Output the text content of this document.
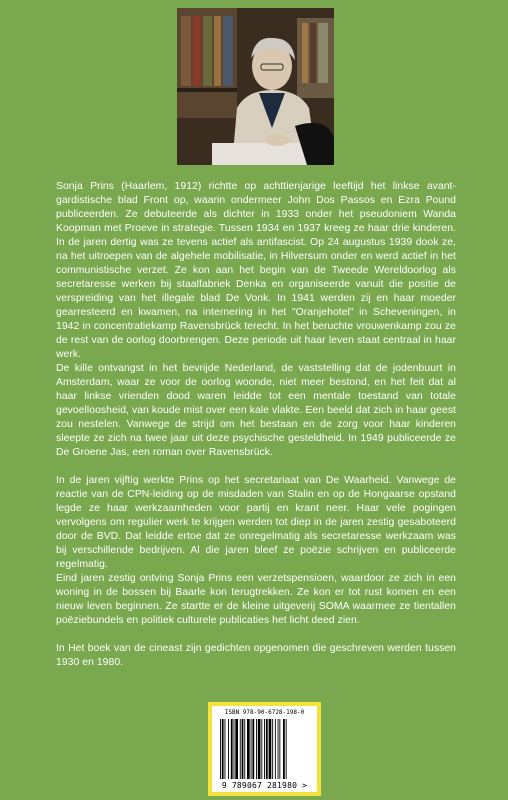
Sonja Prins (Haarlem, 1912) richtte op achttienjarige leeftijd het linkse avant-gardistische blad Front op, waarin ondermeer John Dos Passos en Ezra Pound publiceerden. Ze debuteerde als dichter in 1933 onder het pseudoniem Wanda Koopman met Proeve in strategie. Tussen 1934 en 1937 kreeg ze haar drie kinderen. In de jaren dertig was ze tevens actief als antifascist. Op 24 augustus 1939 dook ze, na het uitroepen van de algehele mobilisatie, in Hilversum onder en werd actief in het communistische verzet. Ze kon aan het begin van de Tweede Wereldoorlog als secretaresse werken bij staalfabriek Denka en organiseerde vanuit die positie de verspreiding van het illegale blad De Vonk. In 1941 werden zij en haar moeder gearresteerd en kwamen, na internering in het "Oranjehotel" in Scheveningen, in 1942 in concentratiekamp Ravensbrück terecht. In het beruchte vrouwenkamp zou ze de rest van de oorlog doorbrengen. Deze periode uit haar leven staat centraal in haar werk.

De kille ontvangst in het bevrijde Nederland, de vaststelling dat de jodenbuurt in Amsterdam, waar ze voor de oorlog woonde, niet meer bestond, en het feit dat al haar linkse vrienden dood waren leidde tot een mentale toestand van totale gevoelloosheid, van koude mist over een kale vlakte. Een beeld dat zich in haar geest zou nestelen. Vanwege de strijd om het bestaan en de zorg voor haar kinderen sleepte ze zich na twee jaar uit deze psychische gesteldheid. In 1949 publiceerde ze De Groene Jas, een roman over Ravensbrück.

In de jaren vijftig werkte Prins op het secretariaat van De Waarheid. Vanwege de reactie van de CPN-leiding op de misdaden van Stalin en op de Hongaarse opstand legde ze haar werkzaamheden voor partij en krant neer. Haar vele pogingen vervolgens om regulier werk te krijgen werden tot diep in de jaren zestig gesaboteerd door de BVD. Dat leidde ertoe dat ze onregelmatig als secretaresse werkzaam was bij verschillende bedrijven. Al die jaren bleef ze poëzie schrijven en publiceerde regelmatig.

Eind jaren zestig ontving Sonja Prins een verzetspensioen, waardoor ze zich in een woning in de bossen bij Baarle kon terugtrekken. Ze kon er tot rust komen en een nieuw leven beginnen. Ze startte er de kleine uitgeverij SOMA waarmee ze tientallen poëziebundels en politiek culturele publicaties het licht deed zien.

In Het boek van de cineast zijn gedichten opgenomen die geschreven werden tussen 1930 en 1980.

ISBN 978-90-6728-198-0
9 789067 281980 >
